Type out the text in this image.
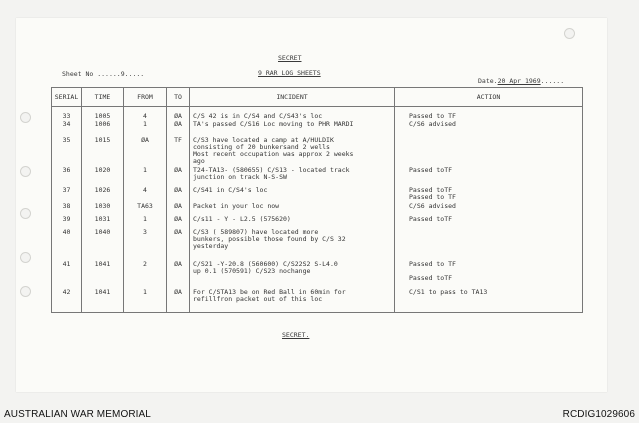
SECRET
Sheet No ......9.....	9 RAR LOG SHEETS
Date.20 Apr 1969......
SERIAL	TIME	FROM	TO	INCIDENT	ACTION
33	1005	4	ØA	C/S 42 is in C/S4 and C/S43's loc	Passed to TF
34	1006	1	ØA	TA's passed C/S16 Loc moving to PHR MARDI	C/S6 advised
35	1015	ØA	TF	C/S3 have located a camp at A/HULDIK
consisting of 20 bunkersand 2 wells
Most recent occupation was approx 2 weeks
ago	
36	1020	1	ØA	T24-TA13- (580655) C/S13 - located track
junction on track N-S-SW	Passed toTF
37	1026	4	ØA	C/S41 in C/S4's loc	Passed toTF
Passed to TF
38	1030	TA63	ØA	Packet in your loc now	C/S6 advised
39	1031	1	ØA	C/s11 - Y - L2.5 (575620)	Passed toTF
40	1040	3	ØA	C/S3 ( 589807) have located more
bunkers, possible those found by C/S 32
yesterday	
41	1041	2	ØA	C/S21 -Y-20.8 (560600) C/S22S2 S-L4.0
up 0.1 (570591) C/S23 nochange	Passed to TF

Passed toTF
42	1041	1	ØA	For C/STA13 be on Red Ball in 60min for
refillfron packet out of this loc	C/S1 to pass to TA13
SECRET.
AUSTRALIAN WAR MEMORIAL	RCDIG1029606
